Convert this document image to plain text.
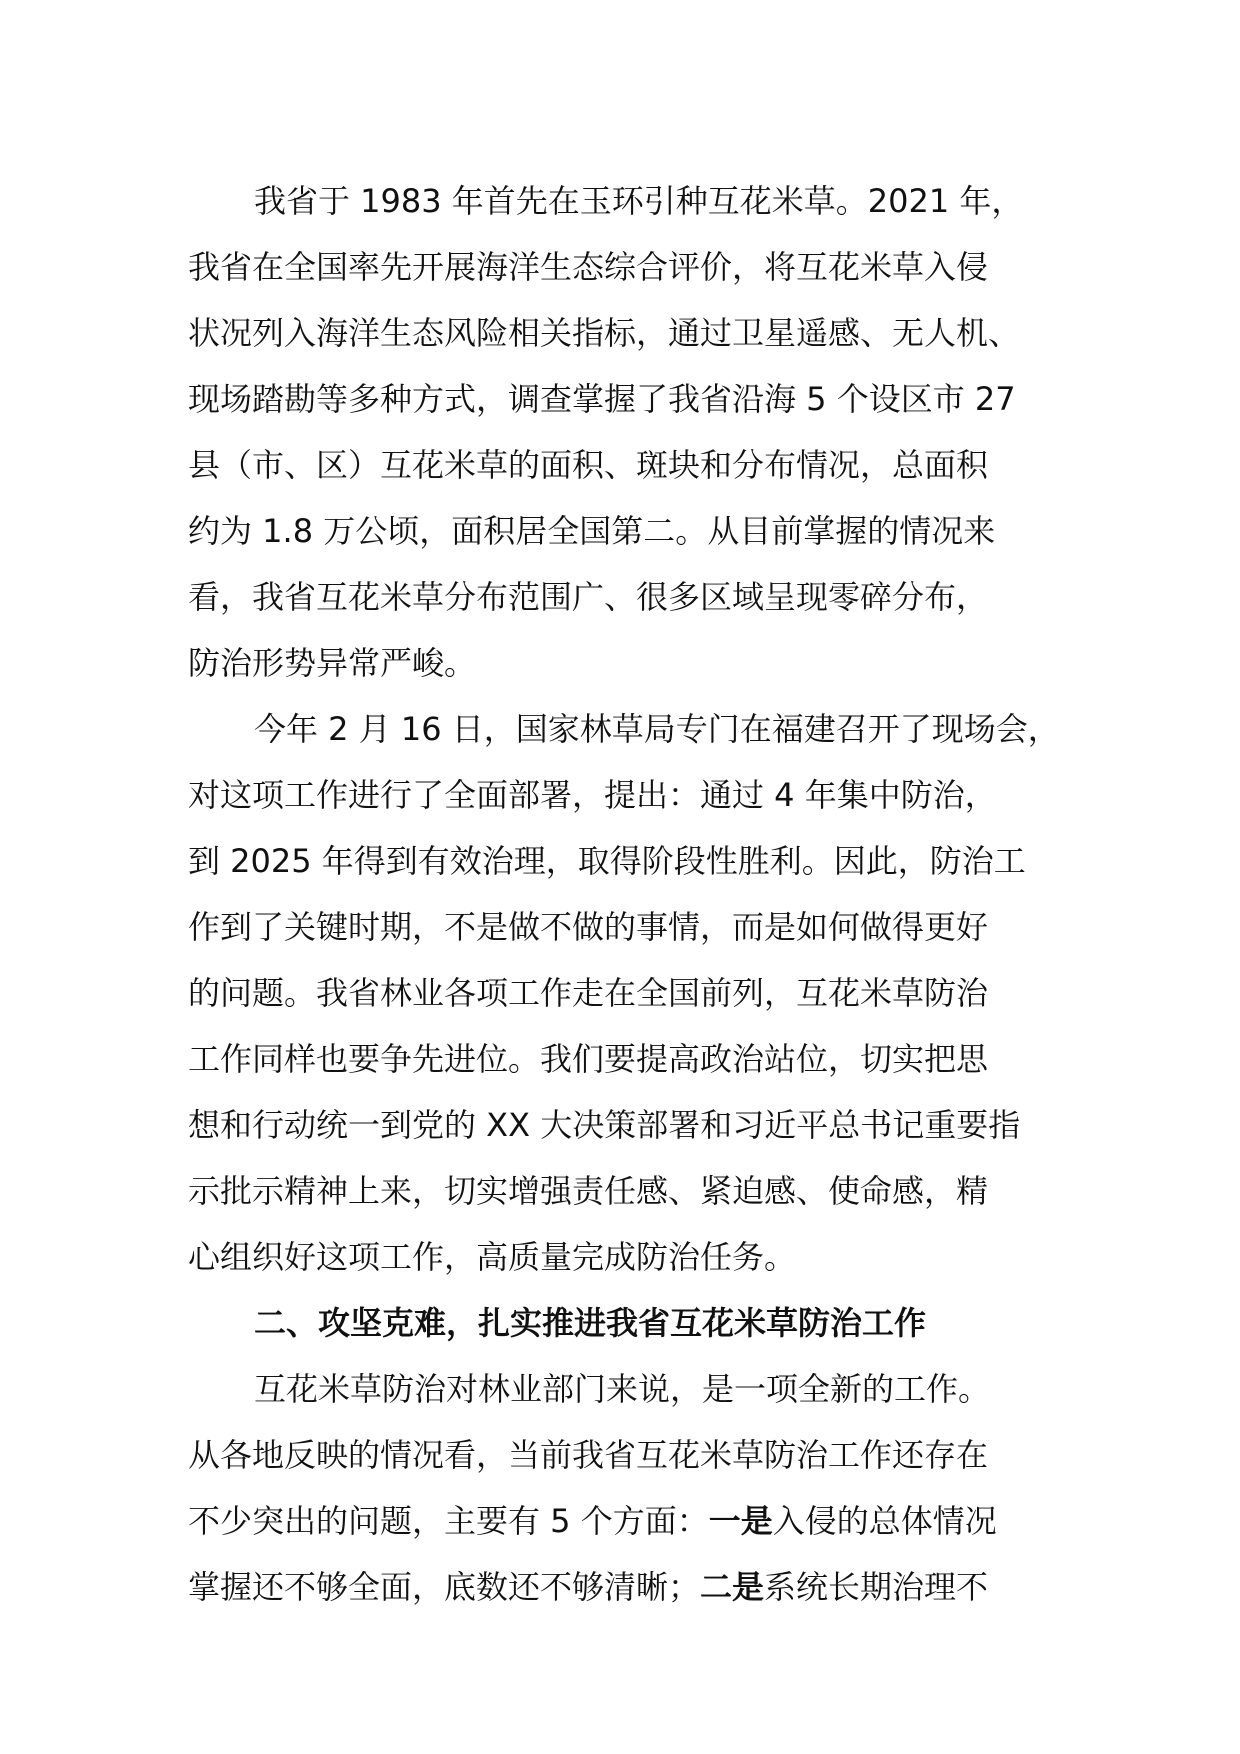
我省于 1983 年首先在玉环引种互花米草。2021 年，
我省在全国率先开展海洋生态综合评价，将互花米草入侵
状况列入海洋生态风险相关指标，通过卫星遥感、无人机、
现场踏勘等多种方式，调查掌握了我省沿海 5 个设区市 27
县（市、区）互花米草的面积、斑块和分布情况，总面积
约为 1.8 万公顷，面积居全国第二。从目前掌握的情况来
看，我省互花米草分布范围广、很多区域呈现零碎分布，
防治形势异常严峻。
今年 2 月 16 日，国家林草局专门在福建召开了现场会，
对这项工作进行了全面部署，提出：通过 4 年集中防治，
到 2025 年得到有效治理，取得阶段性胜利。因此，防治工
作到了关键时期，不是做不做的事情，而是如何做得更好
的问题。我省林业各项工作走在全国前列，互花米草防治
工作同样也要争先进位。我们要提高政治站位，切实把思
想和行动统一到党的 XX 大决策部署和习近平总书记重要指
示批示精神上来，切实增强责任感、紧迫感、使命感，精
心组织好这项工作，高质量完成防治任务。
二、攻坚克难，扎实推进我省互花米草防治工作
互花米草防治对林业部门来说，是一项全新的工作。
从各地反映的情况看，当前我省互花米草防治工作还存在
不少突出的问题，主要有 5 个方面：一是入侵的总体情况
掌握还不够全面，底数还不够清晰；二是系统长期治理不
